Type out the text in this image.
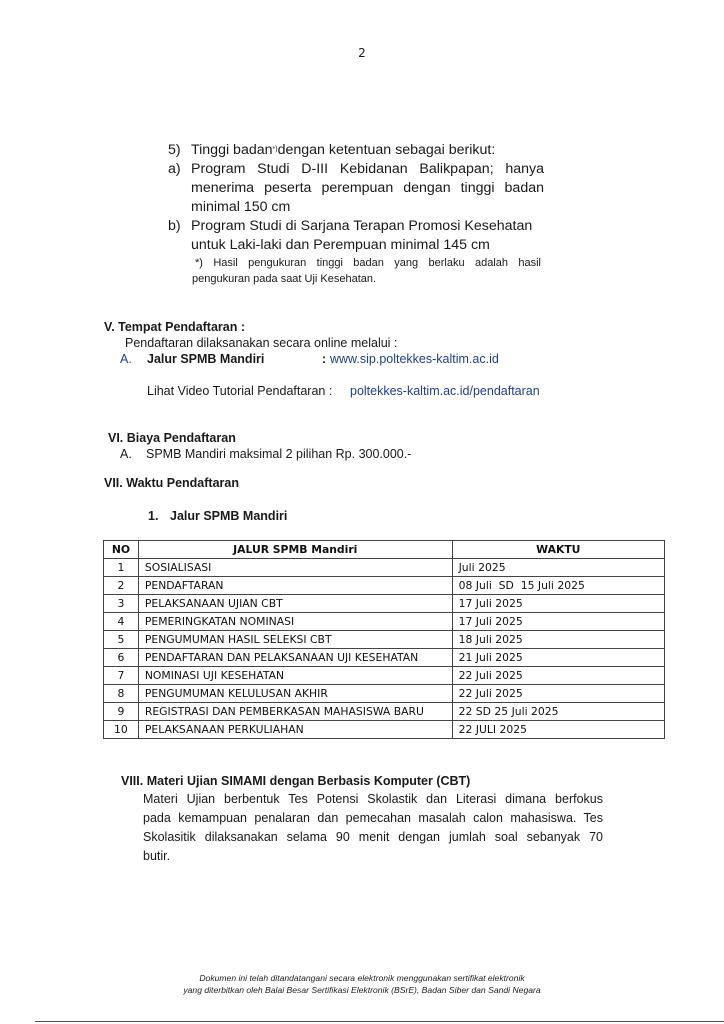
2
5) Tinggi badan*)dengan ketentuan sebagai berikut:
a) Program Studi D-III Kebidanan Balikpapan; hanya
menerima peserta perempuan dengan tinggi badan
minimal 150 cm
b) Program Studi di Sarjana Terapan Promosi Kesehatan
untuk Laki-laki dan Perempuan minimal 145 cm
*) Hasil pengukuran tinggi badan yang berlaku adalah hasil
pengukuran pada saat Uji Kesehatan.
V. Tempat Pendaftaran :
Pendaftaran dilaksanakan secara online melalui :
A. Jalur SPMB Mandiri	: www.sip.poltekkes-kaltim.ac.id
Lihat Video Tutorial Pendaftaran : poltekkes-kaltim.ac.id/pendaftaran
VI. Biaya Pendaftaran
A. SPMB Mandiri maksimal 2 pilihan Rp. 300.000.-
VII. Waktu Pendaftaran
1. Jalur SPMB Mandiri
NO	JALUR SPMB Mandiri	WAKTU
1	SOSIALISASI	Juli 2025
2	PENDAFTARAN	08 Juli  SD  15 Juli 2025
3	PELAKSANAAN UJIAN CBT	17 Juli 2025
4	PEMERINGKATAN NOMINASI	17 Juli 2025
5	PENGUMUMAN HASIL SELEKSI CBT	18 Juli 2025
6	PENDAFTARAN DAN PELAKSANAAN UJI KESEHATAN	21 Juli 2025
7	NOMINASI UJI KESEHATAN	22 Juli 2025
8	PENGUMUMAN KELULUSAN AKHIR	22 Juli 2025
9	REGISTRASI DAN PEMBERKASAN MAHASISWA BARU	22 SD 25 Juli 2025
10	PELAKSANAAN PERKULIAHAN	22 JULI 2025
VIII. Materi Ujian SIMAMI dengan Berbasis Komputer (CBT)
Materi Ujian berbentuk Tes Potensi Skolastik dan Literasi dimana berfokus
pada kemampuan penalaran dan pemecahan masalah calon mahasiswa. Tes
Skolasitik dilaksanakan selama 90 menit dengan jumlah soal sebanyak 70
butir.
Dokumen ini telah ditandatangani secara elektronik menggunakan sertifikat elektronik
yang diterbitkan oleh Balai Besar Sertifikasi Elektronik (BSrE), Badan Siber dan Sandi Negara
